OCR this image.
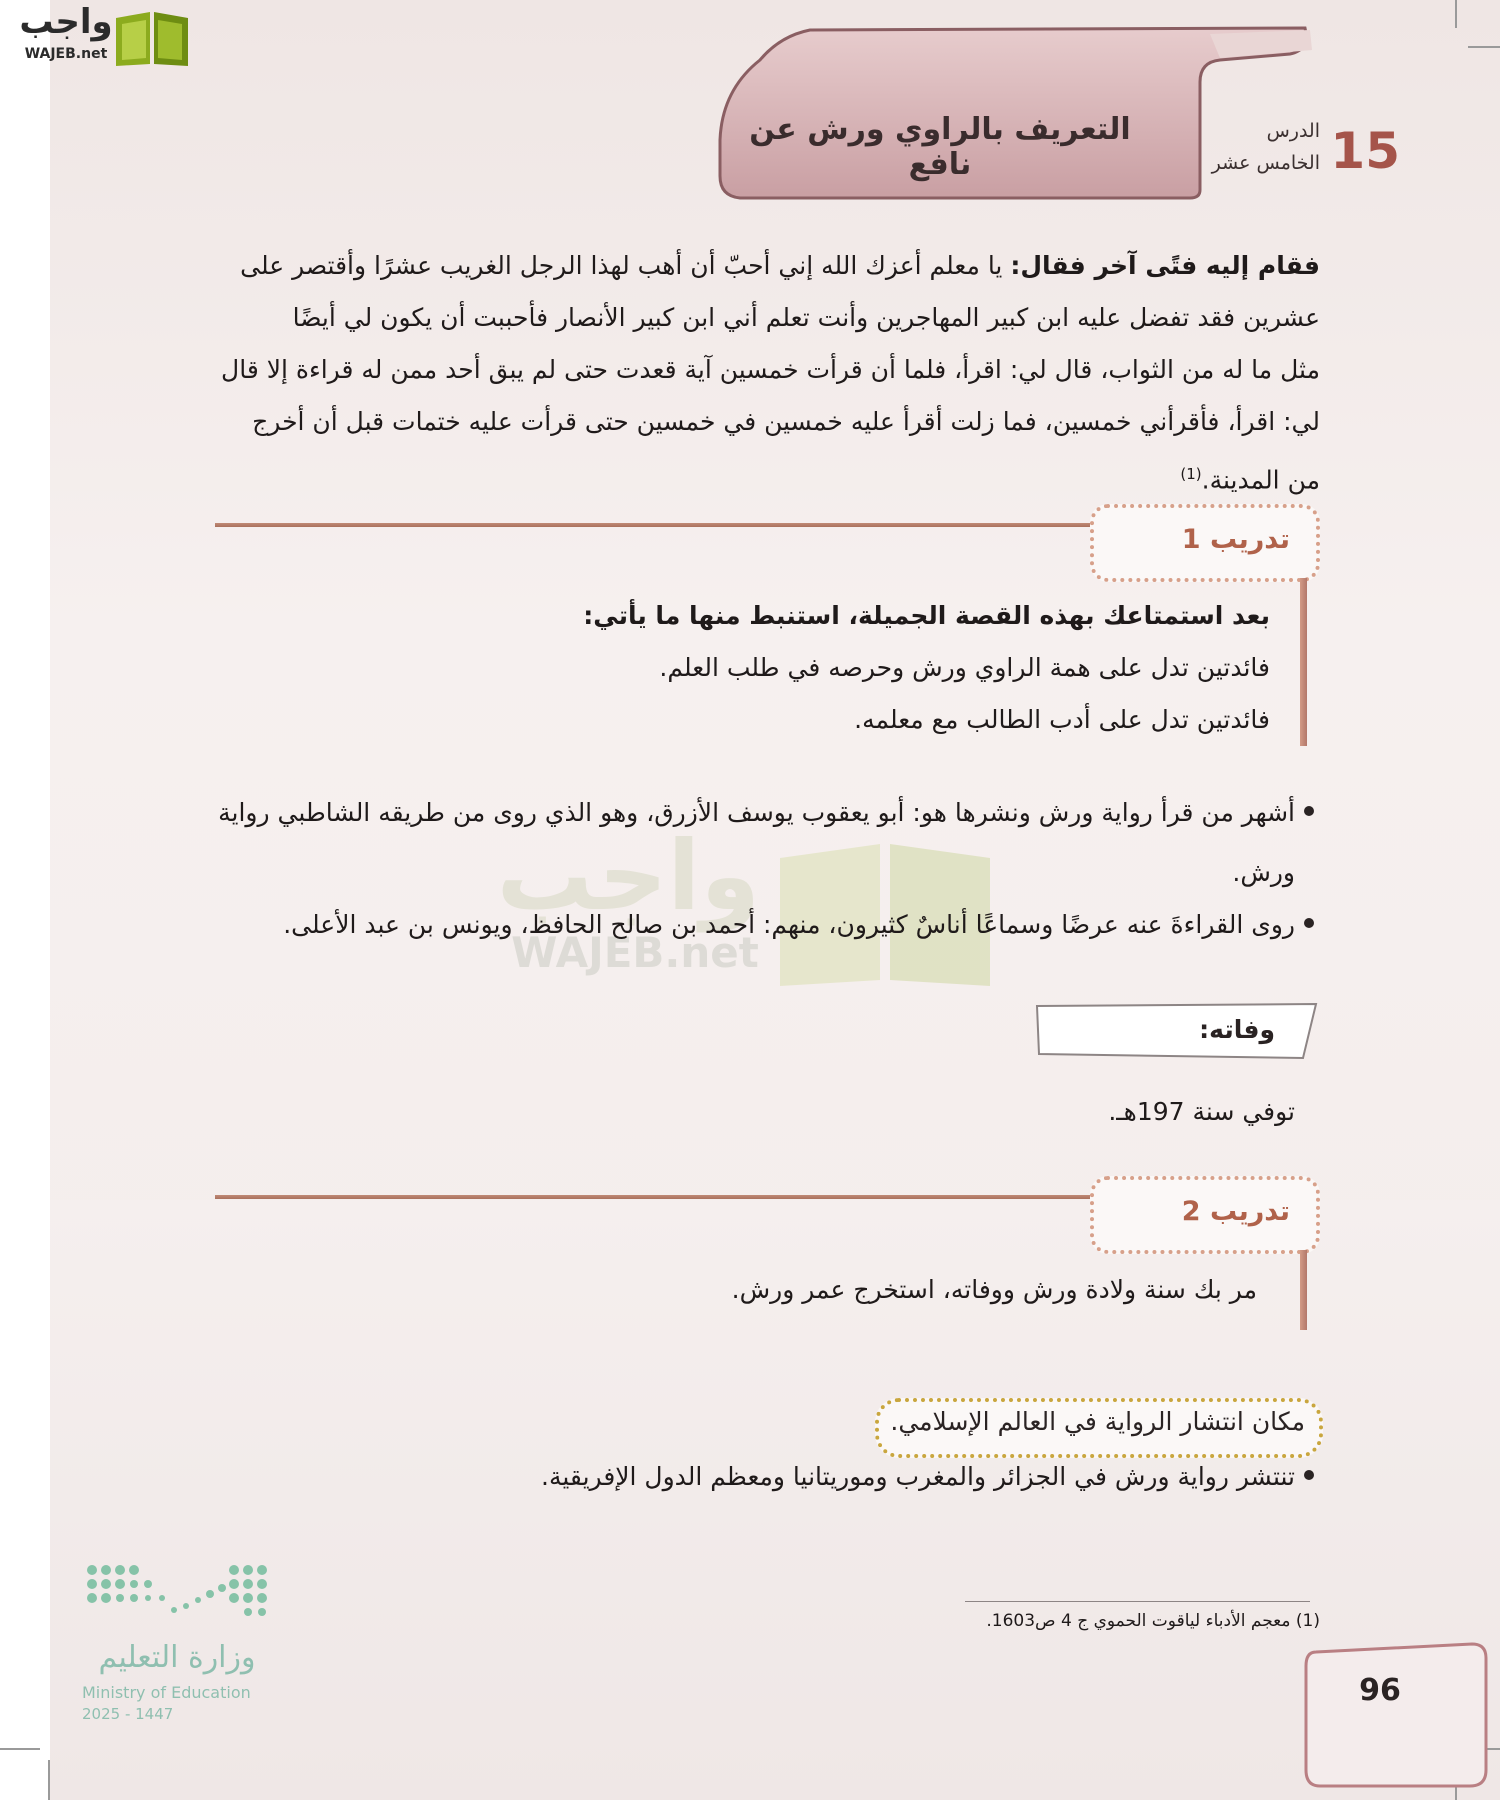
واجب
WAJEB.net
التعريف بالراوي ورش عن نافع
الدرس
الخامس عشر 15
فقام إليه فتًى آخر فقال: يا معلم أعزك الله إني أحبّ أن أهب لهذا الرجل الغريب عشرًا وأقتصر على
عشرين فقد تفضل عليه ابن كبير المهاجرين وأنت تعلم أني ابن كبير الأنصار فأحببت أن يكون لي أيضًا
مثل ما له من الثواب، قال لي: اقرأ، فلما أن قرأت خمسين آية قعدت حتى لم يبق أحد ممن له قراءة إلا قال
لي: اقرأ، فأقرأني خمسين، فما زلت أقرأ عليه خمسين في خمسين حتى قرأت عليه ختمات قبل أن أخرج
من المدينة.$^{(1)}$
تدريب 1
بعد استمتاعك بهذه القصة الجميلة، استنبط منها ما يأتي:
فائدتين تدل على همة الراوي ورش وحرصه في طلب العلم.
فائدتين تدل على أدب الطالب مع معلمه.
واجب
WAJEB.net
أشهر من قرأ رواية ورش ونشرها هو: أبو يعقوب يوسف الأزرق، وهو الذي روى من طريقه الشاطبي رواية
ورش.
روى القراءةَ عنه عرضًا وسماعًا أناسٌ كثيرون، منهم: أحمد بن صالح الحافظ، ويونس بن عبد الأعلى.
وفاته:
توفي سنة 197هـ.
تدريب 2
مر بك سنة ولادة ورش ووفاته، استخرج عمر ورش.
مكان انتشار الرواية في العالم الإسلامي.
تنتشر رواية ورش في الجزائر والمغرب وموريتانيا ومعظم الدول الإفريقية.
(1) معجم الأدباء لياقوت الحموي ج 4 ص1603.
وزارة التعليم
Ministry of Education
2025 - 1447
96
